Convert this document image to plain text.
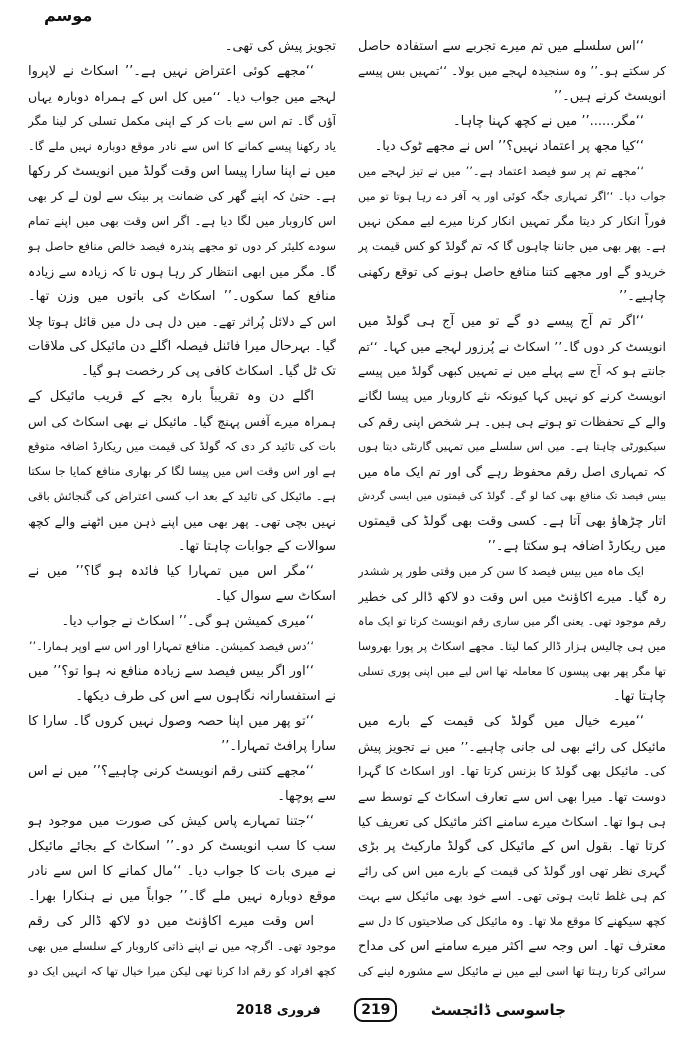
موسم
‘‘اس سلسلے میں تم میرے تجربے سے استفادہ حاصل
کر سکتے ہو۔’’ وہ سنجیدہ لہجے میں بولا۔ ‘‘تمہیں بس پیسے
انویسٹ کرنے ہیں۔’’
‘‘مگر......’’ میں نے کچھ کہنا چاہا۔
‘‘کیا مجھ پر اعتماد نہیں؟’’ اس نے مجھے ٹوک دیا۔
‘‘مجھے تم پر سو فیصد اعتماد ہے۔’’ میں نے تیز لہجے میں
جواب دیا۔ ‘‘اگر تمہاری جگہ کوئی اور یہ آفر دے رہا ہوتا تو میں
فوراً انکار کر دیتا مگر تمہیں انکار کرنا میرے لیے ممکن نہیں
ہے۔ پھر بھی میں جاننا چاہوں گا کہ تم گولڈ کو کس قیمت پر
خریدو گے اور مجھے کتنا منافع حاصل ہونے کی توقع رکھنی
چاہیے۔’’
‘‘اگر تم آج پیسے دو گے تو میں آج ہی گولڈ میں
انویسٹ کر دوں گا۔’’ اسکاٹ نے پُرزور لہجے میں کہا۔ ‘‘تم
جانتے ہو کہ آج سے پہلے میں نے تمہیں کبھی گولڈ میں پیسے
انویسٹ کرنے کو نہیں کہا کیونکہ نئے کاروبار میں پیسا لگانے
والے کے تحفظات تو ہوتے ہی ہیں۔ ہر شخص اپنی رقم کی
سیکیورٹی چاہتا ہے۔ میں اس سلسلے میں تمہیں گارنٹی دیتا ہوں
کہ تمہاری اصل رقم محفوظ رہے گی اور تم ایک ماہ میں
بیس فیصد تک منافع بھی کما لو گے۔ گولڈ کی قیمتوں میں ایسی گردش
اتار چڑھاؤ بھی آتا ہے۔ کسی وقت بھی گولڈ کی قیمتوں
میں ریکارڈ اضافہ ہو سکتا ہے۔’’
ایک ماہ میں بیس فیصد کا سن کر میں وقتی طور پر ششدر
رہ گیا۔ میرے اکاؤنٹ میں اس وقت دو لاکھ ڈالر کی خطیر
رقم موجود تھی۔ یعنی اگر میں ساری رقم انویسٹ کرتا تو ایک ماہ
میں ہی چالیس ہزار ڈالر کما لیتا۔ مجھے اسکاٹ پر پورا بھروسا
تھا مگر پھر بھی پیسوں کا معاملہ تھا اس لیے میں اپنی پوری تسلی
چاہتا تھا۔
‘‘میرے خیال میں گولڈ کی قیمت کے بارے میں
مائیکل کی رائے بھی لی جانی چاہیے۔’’ میں نے تجویز پیش
کی۔ مائیکل بھی گولڈ کا بزنس کرتا تھا۔ اور اسکاٹ کا گہرا
دوست تھا۔ میرا بھی اس سے تعارف اسکاٹ کے توسط سے
ہی ہوا تھا۔ اسکاٹ میرے سامنے اکثر مائیکل کی تعریف کیا
کرتا تھا۔ بقول اس کے مائیکل کی گولڈ مارکیٹ پر بڑی
گہری نظر تھی اور گولڈ کی قیمت کے بارے میں اس کی رائے
کم ہی غلط ثابت ہوتی تھی۔ اسے خود بھی مائیکل سے بہت
کچھ سیکھنے کا موقع ملا تھا۔ وہ مائیکل کی صلاحیتوں کا دل سے
معترف تھا۔ اس وجہ سے اکثر میرے سامنے اس کی مداح
سرائی کرتا رہتا تھا اسی لیے میں نے مائیکل سے مشورہ لینے کی
تجویز پیش کی تھی۔
‘‘مجھے کوئی اعتراض نہیں ہے۔’’ اسکاٹ نے لاپروا
لہجے میں جواب دیا۔ ‘‘میں کل اس کے ہمراہ دوبارہ یہاں
آؤں گا۔ تم اس سے بات کر کے اپنی مکمل تسلی کر لینا مگر
یاد رکھنا پیسے کمانے کا اس سے نادر موقع دوبارہ نہیں ملے گا۔
میں نے اپنا سارا پیسا اس وقت گولڈ میں انویسٹ کر رکھا
ہے۔ حتیٰ کہ اپنے گھر کی ضمانت پر بینک سے لون لے کر بھی
اس کاروبار میں لگا دیا ہے۔ اگر اس وقت بھی میں اپنے تمام
سودے کلیئر کر دوں تو مجھے پندرہ فیصد خالص منافع حاصل ہو
گا۔ مگر میں ابھی انتظار کر رہا ہوں تا کہ زیادہ سے زیادہ
منافع کما سکوں۔’’ اسکاٹ کی باتوں میں وزن تھا۔
اس کے دلائل پُراثر تھے۔ میں دل ہی دل میں قائل ہوتا چلا
گیا۔ بہرحال میرا فائنل فیصلہ اگلے دن مائیکل کی ملاقات
تک ٹل گیا۔ اسکاٹ کافی پی کر رخصت ہو گیا۔
اگلے دن وہ تقریباً بارہ بجے کے قریب مائیکل کے
ہمراہ میرے آفس پہنچ گیا۔ مائیکل نے بھی اسکاٹ کی اس
بات کی تائید کر دی کہ گولڈ کی قیمت میں ریکارڈ اضافہ متوقع
ہے اور اس وقت اس میں پیسا لگا کر بھاری منافع کمایا جا سکتا
ہے۔ مائیکل کی تائید کے بعد اب کسی اعتراض کی گنجائش باقی
نہیں بچی تھی۔ پھر بھی میں اپنے ذہن میں اٹھنے والے کچھ
سوالات کے جوابات چاہتا تھا۔
‘‘مگر اس میں تمہارا کیا فائدہ ہو گا؟’’ میں نے
اسکاٹ سے سوال کیا۔
‘‘میری کمیشن ہو گی۔’’ اسکاٹ نے جواب دیا۔
‘‘دس فیصد کمیشن۔ منافع تمہارا اور اس سے اوپر ہمارا۔’’
‘‘اور اگر بیس فیصد سے زیادہ منافع نہ ہوا تو؟’’ میں
نے استفسارانہ نگاہوں سے اس کی طرف دیکھا۔
‘‘تو پھر میں اپنا حصہ وصول نہیں کروں گا۔ سارا کا
سارا پرافٹ تمہارا۔’’
‘‘مجھے کتنی رقم انویسٹ کرنی چاہیے؟’’ میں نے اس
سے پوچھا۔
‘‘جتنا تمہارے پاس کیش کی صورت میں موجود ہو
سب کا سب انویسٹ کر دو۔’’ اسکاٹ کے بجائے مائیکل
نے میری بات کا جواب دیا۔ ‘‘مال کمانے کا اس سے نادر
موقع دوبارہ نہیں ملے گا۔’’ جواباً میں نے ہنکارا بھرا۔
اس وقت میرے اکاؤنٹ میں دو لاکھ ڈالر کی رقم
موجود تھی۔ اگرچہ میں نے اپنے ذاتی کاروبار کے سلسلے میں بھی
کچھ افراد کو رقم ادا کرنا تھی لیکن میرا خیال تھا کہ انہیں ایک دو
جاسوسی ڈائجسٹ
219
فروری 2018
